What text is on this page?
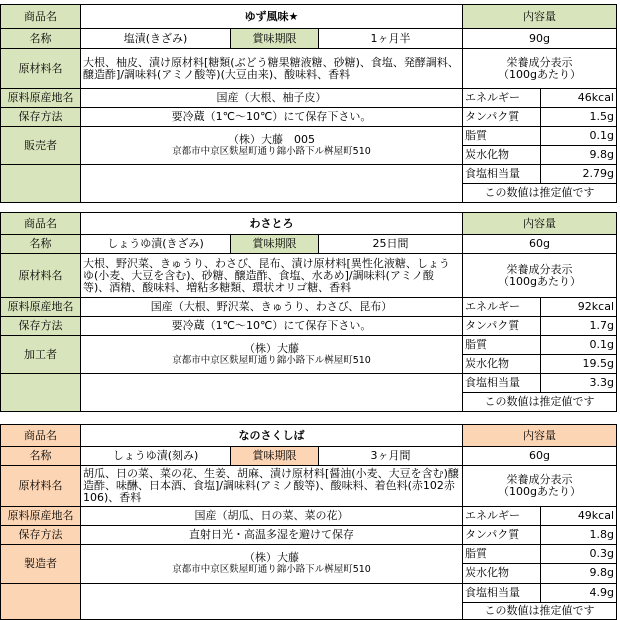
商品名	ゆず風味★			内容量	
名称	塩漬(きざみ)	賞味期限	1ヶ月半	90g	
原材料名	大根、柚皮、漬け原材料[糖類(ぶどう糖果糖液糖、砂糖)、食塩、発酵調料、醸造酢]/調味料(アミノ酸等)(大豆由来)、酸味料、香料			栄養成分表示
（100gあたり）	

原料原産地名	国産（大根、柚子皮）			エネルギー	46kcal
保存方法	要冷蔵（1℃〜10℃）にて保存下さい。			タンパク質	1.5g
販売者	（株）大藤　005
京都市中京区麩屋町通り錦小路下ル桝屋町510			脂質	0.1g
				炭水化物	9.8g
				食塩相当量	2.79g
				この数値は推定値です	
商品名	わさとろ			内容量	
名称	しょうゆ漬(きざみ)	賞味期限	25日間	60g	
原材料名	大根、野沢菜、きゅうり、わさび、昆布、漬け原材料[異性化液糖、しょうゆ(小麦、大豆を含む)、砂糖、醸造酢、食塩、水あめ]/調味料(アミノ酸等)、酒精、酸味料、増粘多糖類、環状オリゴ糖、香料			栄養成分表示
（100gあたり）	

原料原産地名	国産（大根、野沢菜、きゅうり、わさび、昆布）			エネルギー	92kcal
保存方法	要冷蔵（1℃〜10℃）にて保存下さい。			タンパク質	1.7g
加工者	（株）大藤
京都市中京区麩屋町通り錦小路下ル桝屋町510			脂質	0.1g
				炭水化物	19.5g
				食塩相当量	3.3g
				この数値は推定値です	
商品名	なのさくしば			内容量	
名称	しょうゆ漬(刻み)	賞味期限	3ヶ月間	60g	
原材料名	胡瓜、日の菜、菜の花、生姜、胡麻、漬け原材料[醤油(小麦、大豆を含む)醸造酢、味醂、日本酒、食塩]/調味料(アミノ酸等)、酸味料、着色料(赤102赤106)、香料			栄養成分表示
（100gあたり）	

原料原産地名	国産（胡瓜、日の菜、菜の花）			エネルギー	49kcal
保存方法	直射日光・高温多湿を避けて保存			タンパク質	1.8g
製造者	（株）大藤
京都市中京区麩屋町通り錦小路下ル桝屋町510			脂質	0.3g
				炭水化物	9.8g
				食塩相当量	4.9g
				この数値は推定値です	
